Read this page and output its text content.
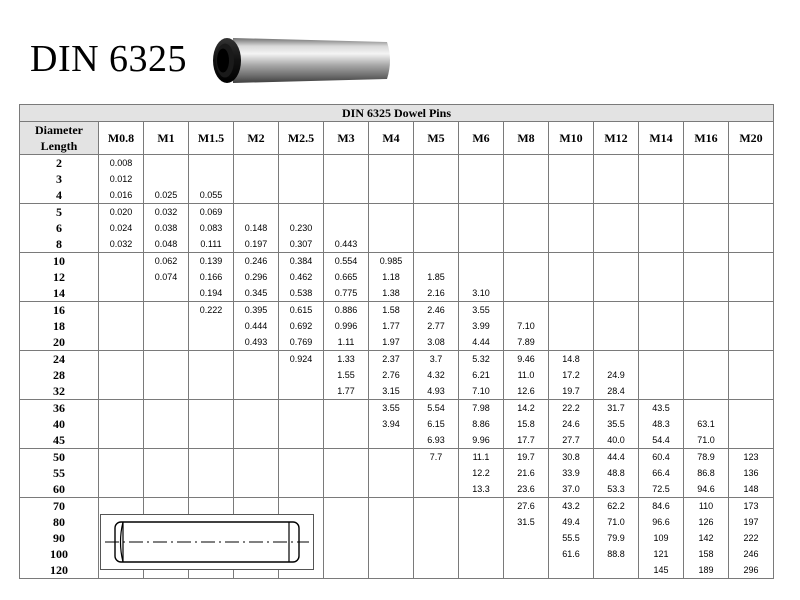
DIN 6325
DIN 6325 Dowel Pins															
Diameter	M0.8	M1	M1.5	M2	M2.5	M3	M4	M5	M6	M8	M10	M12	M14	M16	M20
Length															
2	0.008														
3	0.012														
4	0.016	0.025	0.055												
5	0.020	0.032	0.069												
6	0.024	0.038	0.083	0.148	0.230										
8	0.032	0.048	0.111	0.197	0.307	0.443									
10		0.062	0.139	0.246	0.384	0.554	0.985								
12		0.074	0.166	0.296	0.462	0.665	1.18	1.85							
14			0.194	0.345	0.538	0.775	1.38	2.16	3.10						
16			0.222	0.395	0.615	0.886	1.58	2.46	3.55						
18				0.444	0.692	0.996	1.77	2.77	3.99	7.10					
20				0.493	0.769	1.11	1.97	3.08	4.44	7.89					
24					0.924	1.33	2.37	3.7	5.32	9.46	14.8				
28						1.55	2.76	4.32	6.21	11.0	17.2	24.9			
32						1.77	3.15	4.93	7.10	12.6	19.7	28.4			
36							3.55	5.54	7.98	14.2	22.2	31.7	43.5		
40							3.94	6.15	8.86	15.8	24.6	35.5	48.3	63.1	
45								6.93	9.96	17.7	27.7	40.0	54.4	71.0	
50								7.7	11.1	19.7	30.8	44.4	60.4	78.9	123
55									12.2	21.6	33.9	48.8	66.4	86.8	136
60									13.3	23.6	37.0	53.3	72.5	94.6	148
70										27.6	43.2	62.2	84.6	110	173
80										31.5	49.4	71.0	96.6	126	197
90											55.5	79.9	109	142	222
100											61.6	88.8	121	158	246
120													145	189	296
